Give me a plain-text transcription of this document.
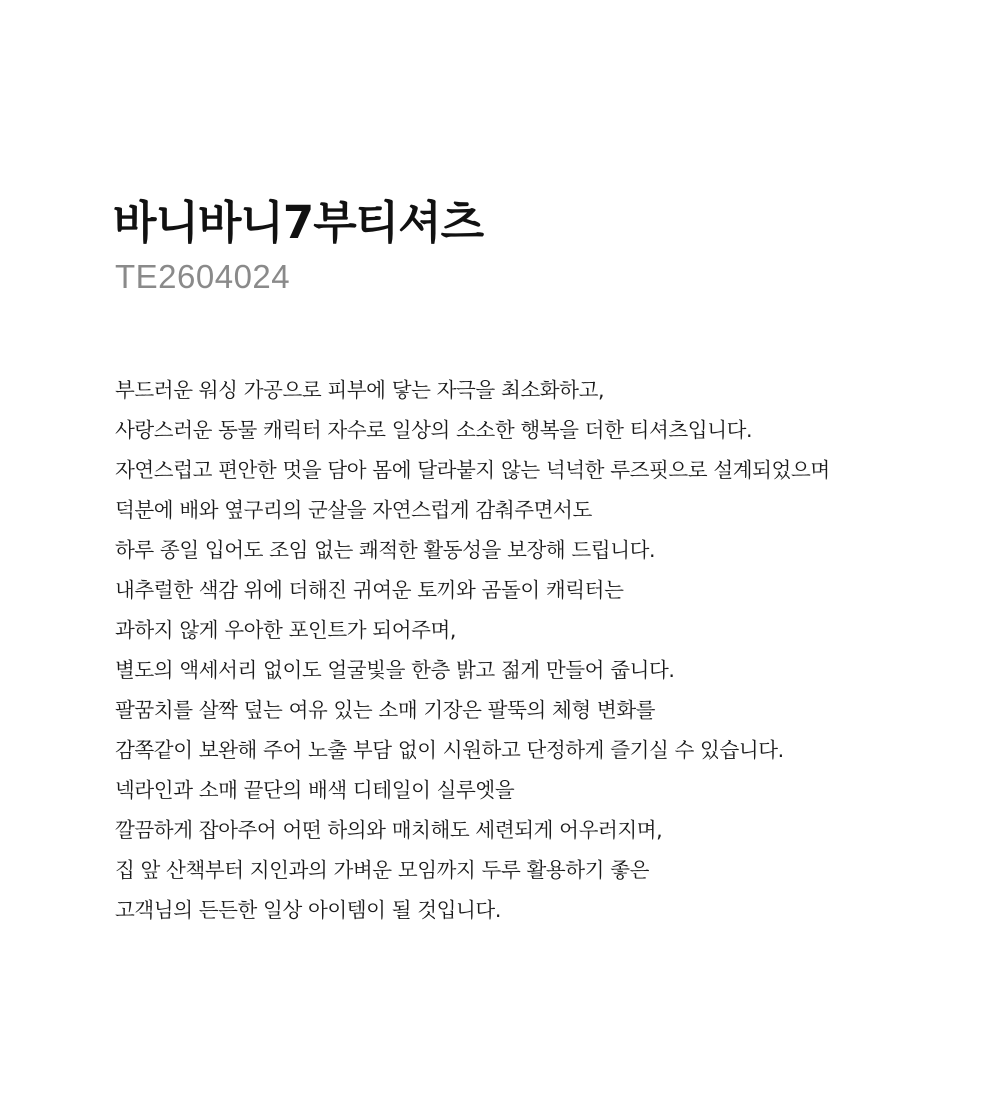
바니바니7부티셔츠
TE2604024
부드러운 워싱 가공으로 피부에 닿는 자극을 최소화하고,
사랑스러운 동물 캐릭터 자수로 일상의 소소한 행복을 더한 티셔츠입니다.
자연스럽고 편안한 멋을 담아 몸에 달라붙지 않는 넉넉한 루즈핏으로 설계되었으며
덕분에 배와 옆구리의 군살을 자연스럽게 감춰주면서도
하루 종일 입어도 조임 없는 쾌적한 활동성을 보장해 드립니다.
내추럴한 색감 위에 더해진 귀여운 토끼와 곰돌이 캐릭터는
과하지 않게 우아한 포인트가 되어주며,
별도의 액세서리 없이도 얼굴빛을 한층 밝고 젊게 만들어 줍니다.
팔꿈치를 살짝 덮는 여유 있는 소매 기장은 팔뚝의 체형 변화를
감쪽같이 보완해 주어 노출 부담 없이 시원하고 단정하게 즐기실 수 있습니다.
넥라인과 소매 끝단의 배색 디테일이 실루엣을
깔끔하게 잡아주어 어떤 하의와 매치해도 세련되게 어우러지며,
집 앞 산책부터 지인과의 가벼운 모임까지 두루 활용하기 좋은
고객님의 든든한 일상 아이템이 될 것입니다.
